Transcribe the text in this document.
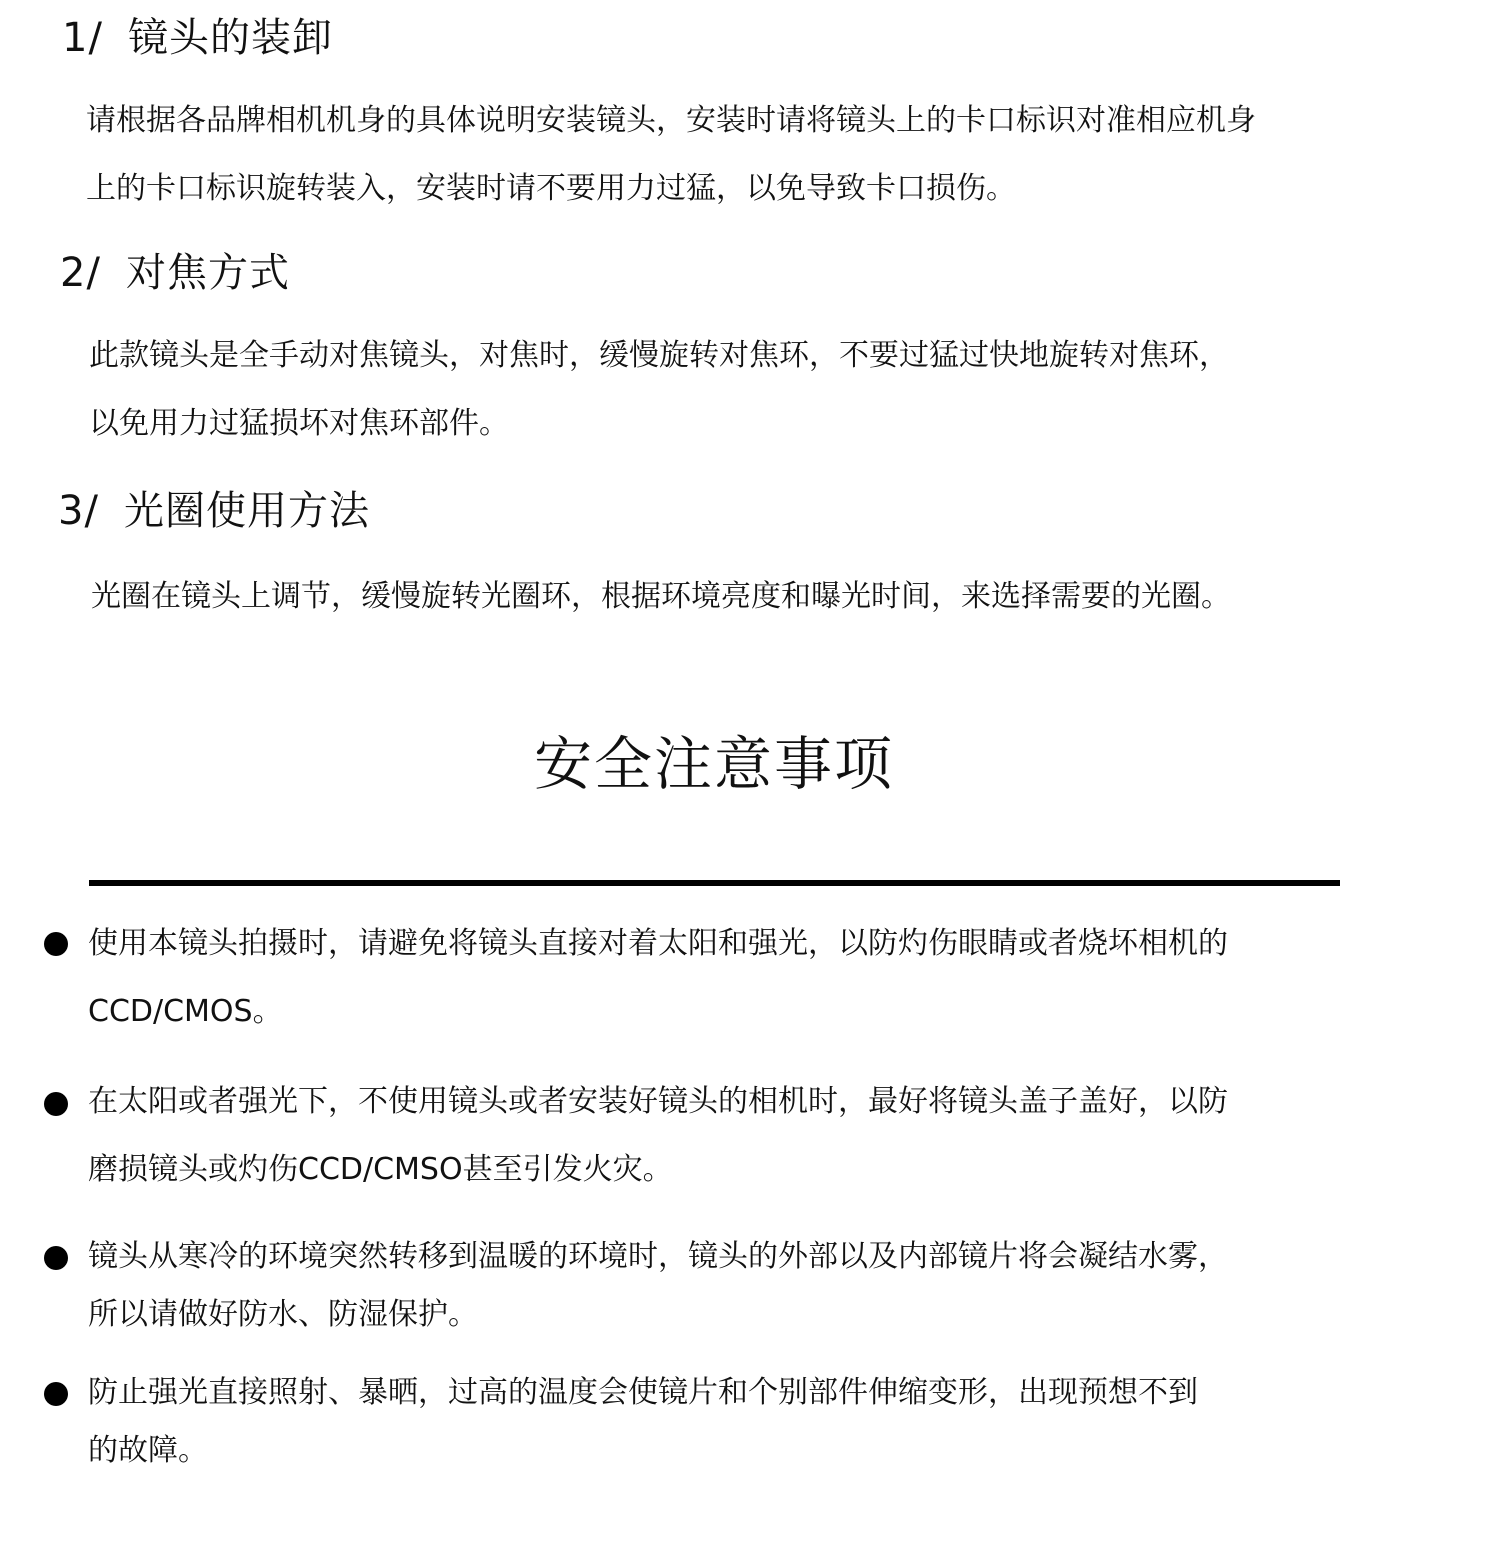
1/ 镜头的装卸
请根据各品牌相机机身的具体说明安装镜头，安装时请将镜头上的卡口标识对准相应机身
上的卡口标识旋转装入，安装时请不要用力过猛，以免导致卡口损伤。
2/ 对焦方式
此款镜头是全手动对焦镜头，对焦时，缓慢旋转对焦环，不要过猛过快地旋转对焦环，
以免用力过猛损坏对焦环部件。
3/ 光圈使用方法
光圈在镜头上调节，缓慢旋转光圈环，根据环境亮度和曝光时间，来选择需要的光圈。
安全注意事项
使用本镜头拍摄时，请避免将镜头直接对着太阳和强光，以防灼伤眼睛或者烧坏相机的
CCD/CMOS。
在太阳或者强光下，不使用镜头或者安装好镜头的相机时，最好将镜头盖子盖好，以防
磨损镜头或灼伤CCD/CMSO甚至引发火灾。
镜头从寒冷的环境突然转移到温暖的环境时，镜头的外部以及内部镜片将会凝结水雾，
所以请做好防水、防湿保护。
防止强光直接照射、暴晒，过高的温度会使镜片和个别部件伸缩变形，出现预想不到
的故障。
